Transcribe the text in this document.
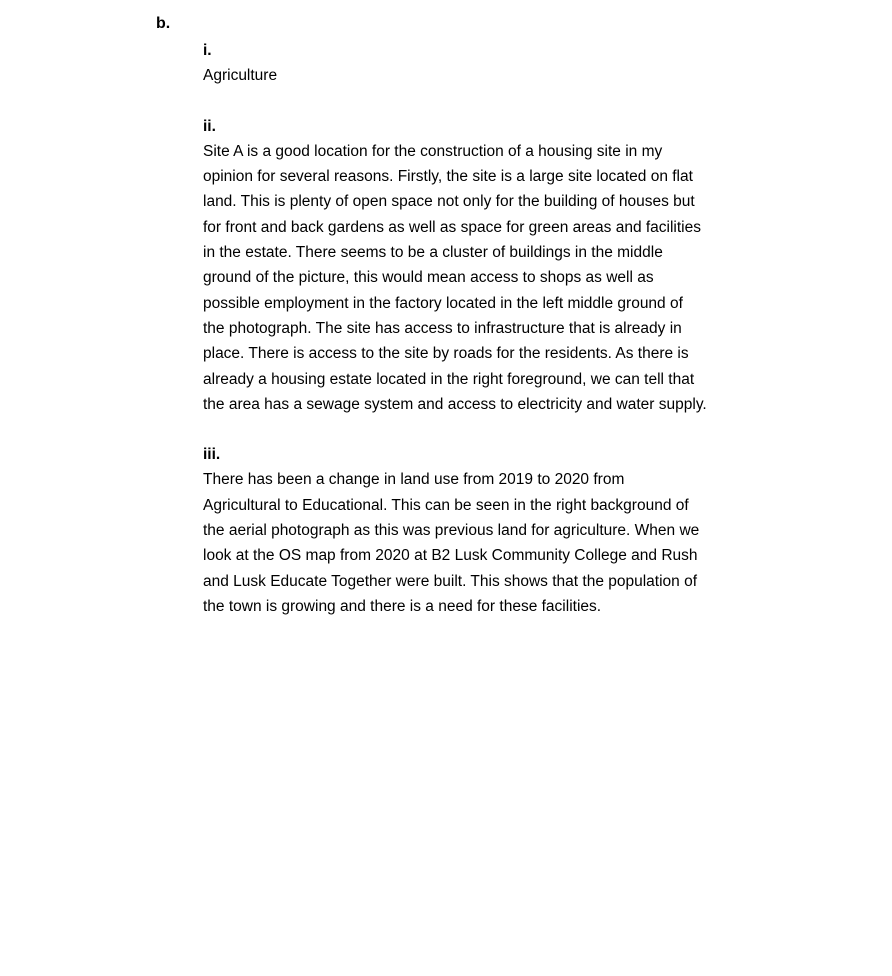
b.

i.

Agriculture

ii.

Site A is a good location for the construction of a housing site in my
opinion for several reasons. Firstly, the site is a large site located on flat
land. This is plenty of open space not only for the building of houses but
for front and back gardens as well as space for green areas and facilities
in the estate. There seems to be a cluster of buildings in the middle
ground of the picture, this would mean access to shops as well as
possible employment in the factory located in the left middle ground of
the photograph. The site has access to infrastructure that is already in
place. There is access to the site by roads for the residents. As there is
already a housing estate located in the right foreground, we can tell that
the area has a sewage system and access to electricity and water supply.

iii.

There has been a change in land use from 2019 to 2020 from
Agricultural to Educational. This can be seen in the right background of
the aerial photograph as this was previous land for agriculture. When we
look at the OS map from 2020 at B2 Lusk Community College and Rush
and Lusk Educate Together were built. This shows that the population of
the town is growing and there is a need for these facilities.
